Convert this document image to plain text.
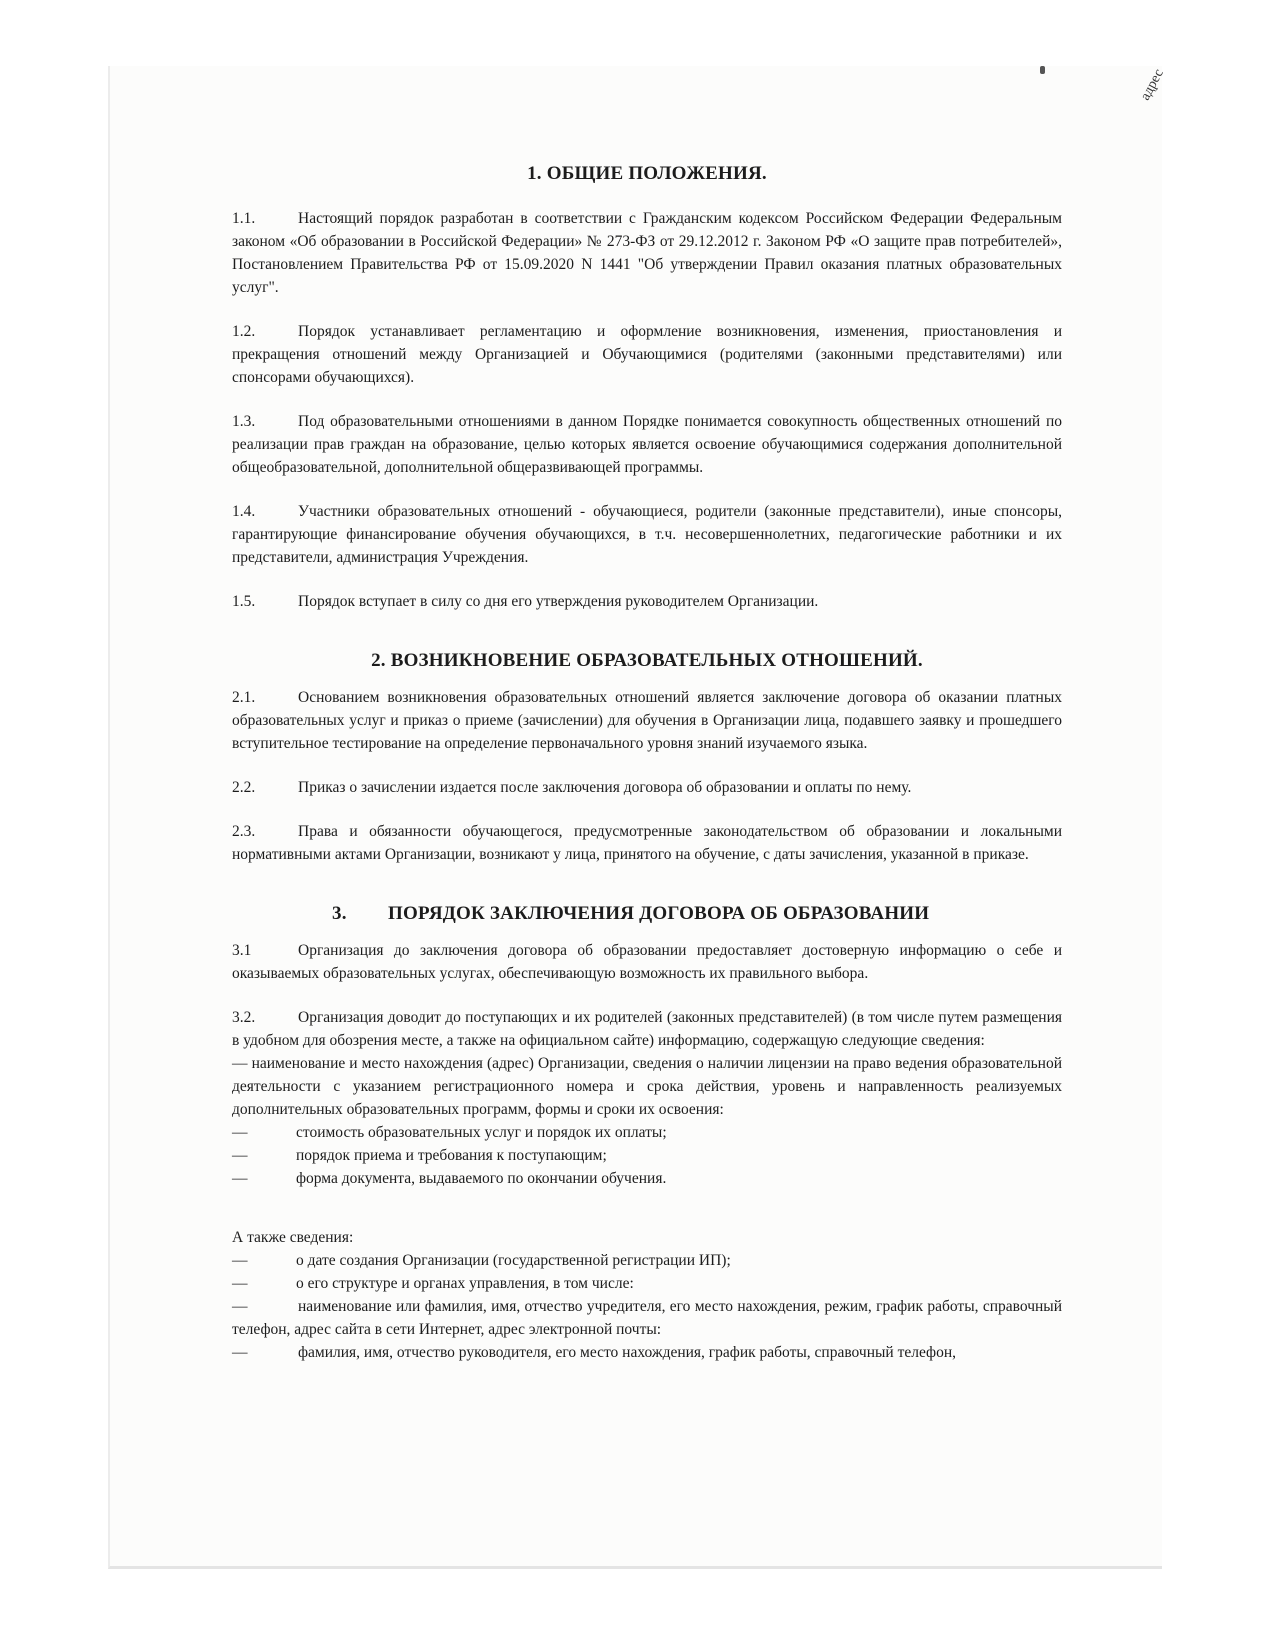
адрес
1. ОБЩИЕ ПОЛОЖЕНИЯ.

1.1.	Настоящий порядок разработан в соответствии с Гражданским кодексом Российском Федерации Федеральным законом «Об образовании в Российской Федерации» № 273-ФЗ от 29.12.2012 г. Законом РФ «О защите прав потребителей», Постановлением Правительства РФ от 15.09.2020 N 1441 "Об утверждении Правил оказания платных образовательных услуг".

1.2.	Порядок устанавливает регламентацию и оформление возникновения, изменения, приостановления и прекращения отношений между Организацией и Обучающимися (родителями (законными представителями) или спонсорами обучающихся).

1.3.	Под образовательными отношениями в данном Порядке понимается совокупность общественных отношений по реализации прав граждан на образование, целью которых является освоение обучающимися содержания дополнительной общеобразовательной, дополнительной общеразвивающей программы.

1.4.	Участники образовательных отношений - обучающиеся, родители (законные представители), иные спонсоры, гарантирующие финансирование обучения обучающихся, в т.ч. несовершеннолетних, педагогические работники и их представители, администрация Учреждения.

1.5.	Порядок вступает в силу со дня его утверждения руководителем Организации.

2. ВОЗНИКНОВЕНИЕ ОБРАЗОВАТЕЛЬНЫХ ОТНОШЕНИЙ.

2.1.	Основанием возникновения образовательных отношений является заключение договора об оказании платных образовательных услуг и приказ о приеме (зачислении) для обучения в Организации лица, подавшего заявку и прошедшего вступительное тестирование на определение первоначального уровня знаний изучаемого языка.

2.2.	Приказ о зачислении издается после заключения договора об образовании и оплаты по нему.

2.3.	Права и обязанности обучающегося, предусмотренные законодательством об образовании и локальными нормативными актами Организации, возникают у лица, принятого на обучение, с даты зачисления, указанной в приказе.

3. ПОРЯДОК ЗАКЛЮЧЕНИЯ ДОГОВОРА ОБ ОБРАЗОВАНИИ

3.1	Организация до заключения договора об образовании предоставляет достоверную информацию о себе и оказываемых образовательных услугах, обеспечивающую возможность их правильного выбора.

3.2.	Организация доводит до поступающих и их родителей (законных представителей) (в том числе путем размещения в удобном для обозрения месте, а также на официальном сайте) информацию, содержащую следующие сведения:

— наименование и место нахождения (адрес) Организации, сведения о наличии лицензии на право ведения образовательной деятельности с указанием регистрационного номера и срока действия, уровень и направленность реализуемых дополнительных образовательных программ, формы и сроки их освоения:

—	стоимость образовательных услуг и порядок их оплаты;
—	порядок приема и требования к поступающим;
—	форма документа, выдаваемого по окончании обучения.

А также сведения:

—	о дате создания Организации (государственной регистрации ИП);
—	о его структуре и органах управления, в том числе:

—	наименование или фамилия, имя, отчество учредителя, его место нахождения, режим, график работы, справочный телефон, адрес сайта в сети Интернет, адрес электронной почты:

—	фамилия, имя, отчество руководителя, его место нахождения, график работы, справочный телефон,
